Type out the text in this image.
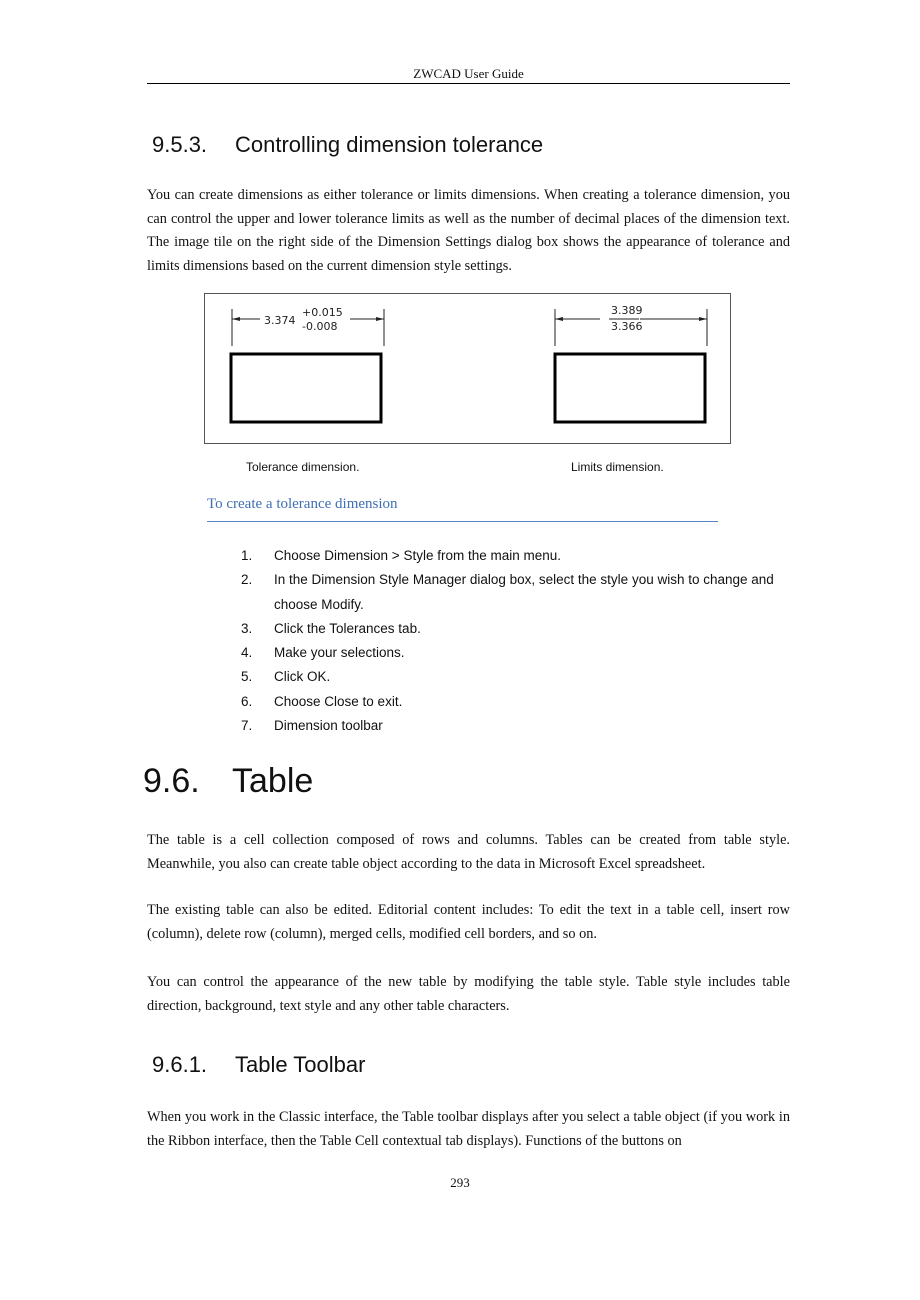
ZWCAD User Guide
9.5.3. Controlling dimension tolerance

You can create dimensions as either tolerance or limits dimensions. When creating a tolerance dimension, you can control the upper and lower tolerance limits as well as the number of decimal places of the dimension text. The image tile on the right side of the Dimension Settings dialog box shows the appearance of tolerance and limits dimensions based on the current dimension style settings.

3.374
+0.015
-0.008
3.389
3.366
Tolerance dimension.	Limits dimension.
To create a tolerance dimension
1.	Choose Dimension > Style from the main menu.
2.	In the Dimension Style Manager dialog box, select the style you wish to change and choose Modify.
3.	Click the Tolerances tab.
4.	Make your selections.
5.	Click OK.
6.	Choose Close to exit.
7.	Dimension toolbar
9.6. Table

The table is a cell collection composed of rows and columns. Tables can be created from table style. Meanwhile, you also can create table object according to the data in Microsoft Excel spreadsheet.

The existing table can also be edited. Editorial content includes: To edit the text in a table cell, insert row (column), delete row (column), merged cells, modified cell borders, and so on.

You can control the appearance of the new table by modifying the table style. Table style includes table direction, background, text style and any other table characters.

9.6.1. Table Toolbar

When you work in the Classic interface, the Table toolbar displays after you select a table object (if you work in the Ribbon interface, then the Table Cell contextual tab displays). Functions of the buttons on

293
